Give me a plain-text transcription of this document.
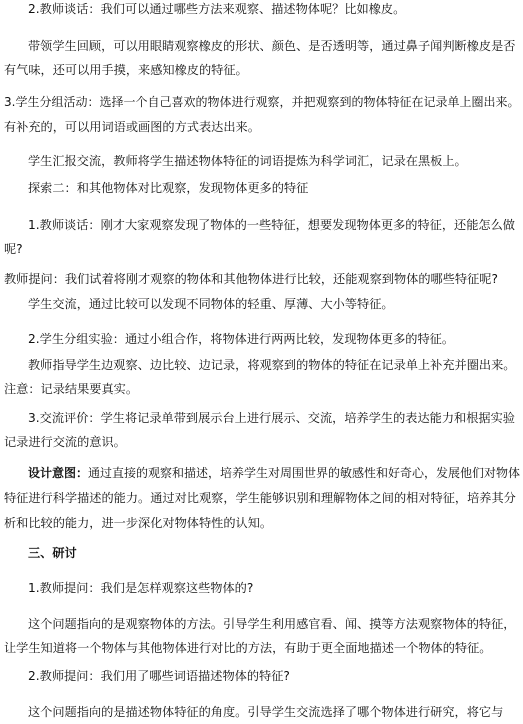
2.教师谈话：我们可以通过哪些方法来观察、描述物体呢？比如橡皮。
带领学生回顾，可以用眼睛观察橡皮的形状、颜色、是否透明等，通过鼻子闻判断橡皮是否
有气味，还可以用手摸，来感知橡皮的特征。
3.学生分组活动：选择一个自己喜欢的物体进行观察，并把观察到的物体特征在记录单上圈出来。
有补充的，可以用词语或画图的方式表达出来。
学生汇报交流，教师将学生描述物体特征的词语提炼为科学词汇，记录在黑板上。
探索二：和其他物体对比观察，发现物体更多的特征
1.教师谈话：刚才大家观察发现了物体的一些特征，想要发现物体更多的特征，还能怎么做
呢?
教师提问：我们试着将刚才观察的物体和其他物体进行比较，还能观察到物体的哪些特征呢?
学生交流，通过比较可以发现不同物体的轻重、厚薄、大小等特征。
2.学生分组实验：通过小组合作，将物体进行两两比较，发现物体更多的特征。
教师指导学生边观察、边比较、边记录，将观察到的物体的特征在记录单上补充并圈出来。
注意：记录结果要真实。
3.交流评价：学生将记录单带到展示台上进行展示、交流，培养学生的表达能力和根据实验
记录进行交流的意识。
设计意图：通过直接的观察和描述，培养学生对周围世界的敏感性和好奇心，发展他们对物体
特征进行科学描述的能力。通过对比观察，学生能够识别和理解物体之间的相对特征，培养其分
析和比较的能力，进一步深化对物体特性的认知。
三、研讨
1.教师提问：我们是怎样观察这些物体的?
这个问题指向的是观察物体的方法。引导学生利用感官看、闻、摸等方法观察物体的特征，
让学生知道将一个物体与其他物体进行对比的方法，有助于更全面地描述一个物体的特征。
2.教师提问：我们用了哪些词语描述物体的特征?
这个问题指向的是描述物体特征的角度。引导学生交流选择了哪个物体进行研究，将它与
